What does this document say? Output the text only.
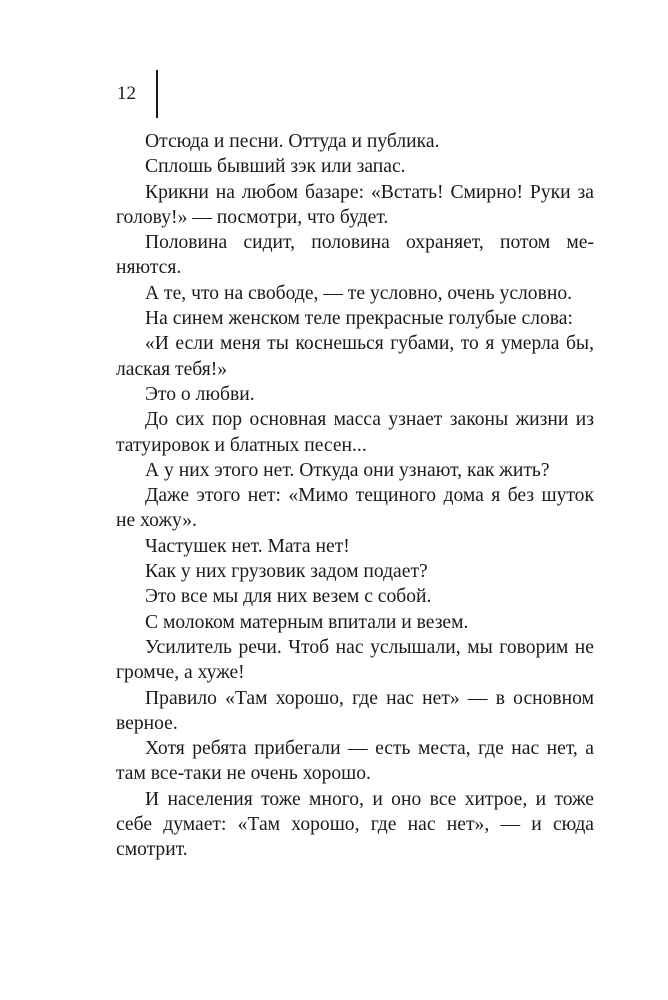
12

Отсюда и песни. Оттуда и публика.

Сплошь бывший зэк или запас.

Крикни на любом базаре: «Встать! Смирно! Руки за голову!» — посмотри, что будет.

Половина сидит, половина охраняет, потом меняются.

А те, что на свободе, — те условно, очень условно.

На синем женском теле прекрасные голубые слова:

«И если меня ты коснешься губами, то я умерла бы, лаская тебя!»

Это о любви.

До сих пор основная масса узнает законы жизни из татуировок и блатных песен...

А у них этого нет. Откуда они узнают, как жить?

Даже этого нет: «Мимо тещиного дома я без шуток не хожу».

Частушек нет. Мата нет!

Как у них грузовик задом подает?

Это все мы для них везем с собой.

С молоком матерным впитали и везем.

Усилитель речи. Чтоб нас услышали, мы говорим не громче, а хуже!

Правило «Там хорошо, где нас нет» — в основном верное.

Хотя ребята прибегали — есть места, где нас нет, а там все-таки не очень хорошо.

И населения тоже много, и оно все хитрое, и тоже себе думает: «Там хорошо, где нас нет», — и сюда смотрит.
